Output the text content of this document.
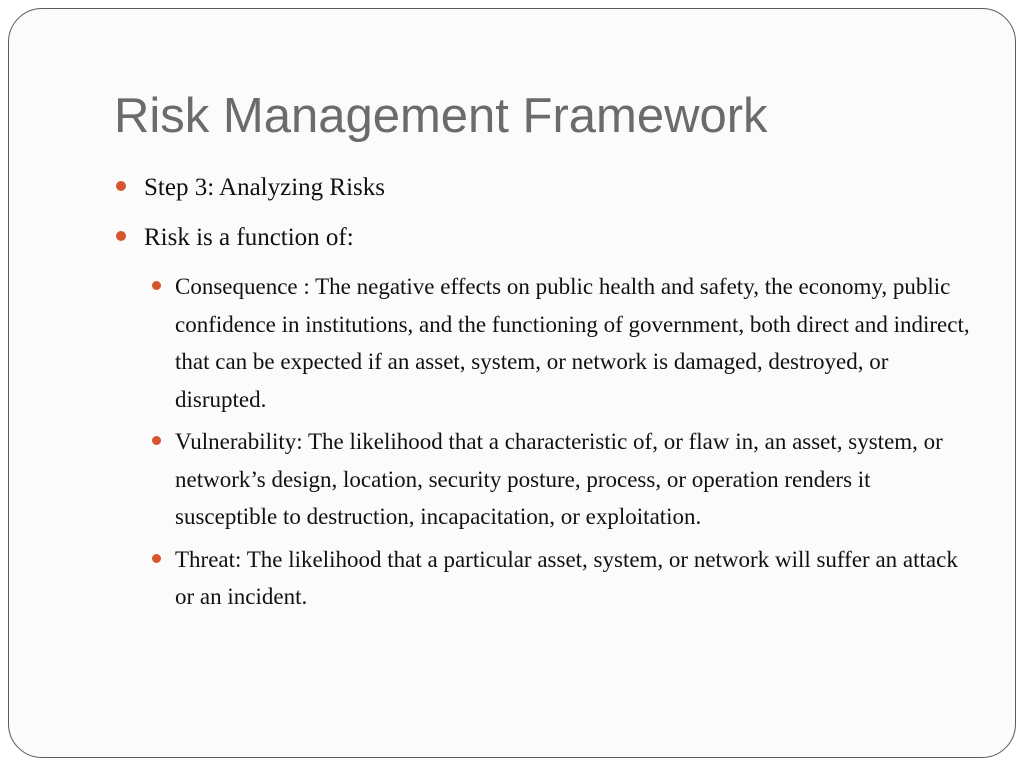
Risk Management Framework
Step 3: Analyzing Risks
Risk is a function of:
Consequence : The negative effects on public health and safety, the economy, public confidence in institutions, and the functioning of government, both direct and indirect, that can be expected if an asset, system, or network is damaged, destroyed, or disrupted.
Vulnerability: The likelihood that a characteristic of, or flaw in, an asset, system, or network’s design, location, security posture, process, or operation renders it susceptible to destruction, incapacitation, or exploitation.
Threat: The likelihood that a particular asset, system, or network will suffer an attack or an incident.
